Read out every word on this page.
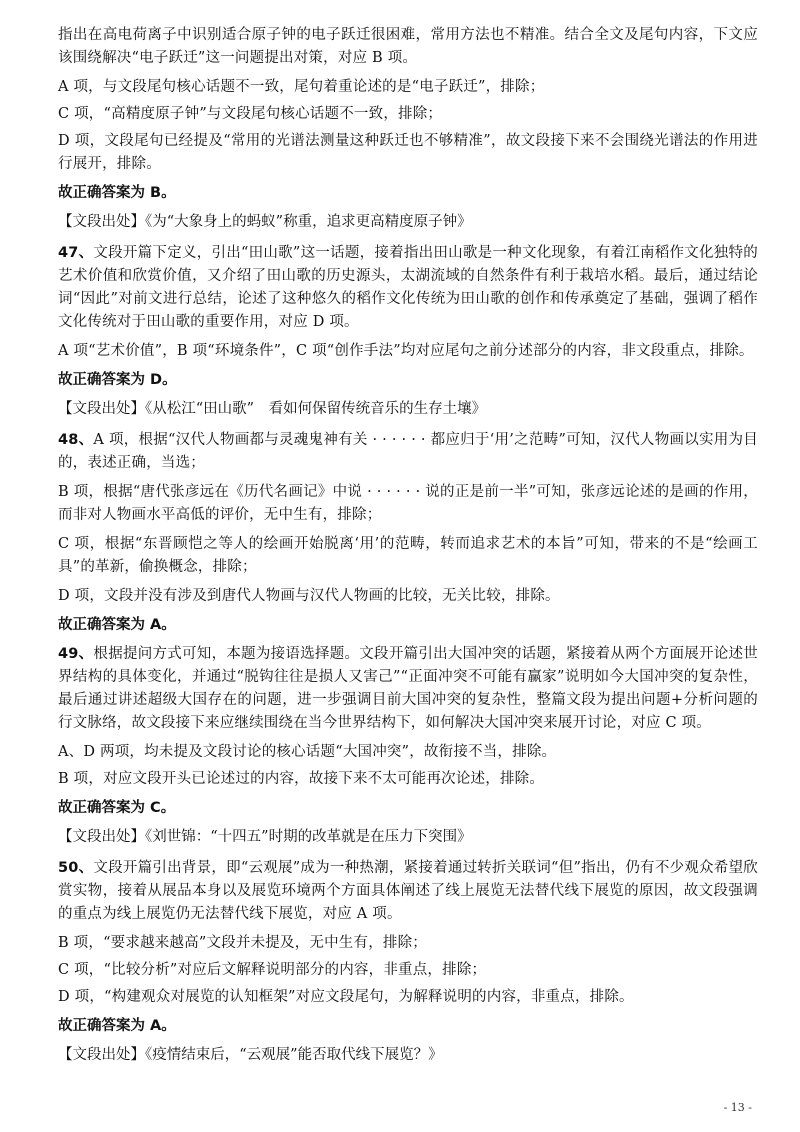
指出在高电荷离子中识别适合原子钟的电子跃迁很困难，常用方法也不精准。结合全文及尾句内容，下文应该围绕解决“电子跃迁”这一问题提出对策，对应 B 项。

A 项，与文段尾句核心话题不一致，尾句着重论述的是“电子跃迁”，排除；

C 项，“高精度原子钟”与文段尾句核心话题不一致，排除；

D 项，文段尾句已经提及“常用的光谱法测量这种跃迁也不够精准”，故文段接下来不会围绕光谱法的作用进行展开，排除。

故正确答案为 B。

【文段出处】《为“大象身上的蚂蚁”称重，追求更高精度原子钟》

47、文段开篇下定义，引出“田山歌”这一话题，接着指出田山歌是一种文化现象，有着江南稻作文化独特的艺术价值和欣赏价值，又介绍了田山歌的历史源头，太湖流域的自然条件有利于栽培水稻。最后，通过结论词“因此”对前文进行总结，论述了这种悠久的稻作文化传统为田山歌的创作和传承奠定了基础，强调了稻作文化传统对于田山歌的重要作用，对应 D 项。

A 项“艺术价值”，B 项“环境条件”，C 项“创作手法”均对应尾句之前分述部分的内容，非文段重点，排除。

故正确答案为 D。

【文段出处】《从松江“田山歌”　看如何保留传统音乐的生存土壤》

48、A 项，根据“汉代人物画都与灵魂鬼神有关 · · · · · · 都应归于‘用’之范畴”可知，汉代人物画以实用为目的，表述正确，当选；

B 项，根据“唐代张彦远在《历代名画记》中说 · · · · · · 说的正是前一半”可知，张彦远论述的是画的作用，而非对人物画水平高低的评价，无中生有，排除；

C 项，根据“东晋顾恺之等人的绘画开始脱离‘用’的范畴，转而追求艺术的本旨”可知，带来的不是“绘画工具”的革新，偷换概念，排除；

D 项，文段并没有涉及到唐代人物画与汉代人物画的比较，无关比较，排除。

故正确答案为 A。

49、根据提问方式可知，本题为接语选择题。文段开篇引出大国冲突的话题，紧接着从两个方面展开论述世界结构的具体变化，并通过“脱钩往往是损人又害己”“正面冲突不可能有赢家”说明如今大国冲突的复杂性，最后通过讲述超级大国存在的问题，进一步强调目前大国冲突的复杂性，整篇文段为提出问题+分析问题的行文脉络，故文段接下来应继续围绕在当今世界结构下，如何解决大国冲突来展开讨论，对应 C 项。

A、D 两项，均未提及文段讨论的核心话题“大国冲突”，故衔接不当，排除。

B 项，对应文段开头已论述过的内容，故接下来不太可能再次论述，排除。

故正确答案为 C。

【文段出处】《刘世锦：“十四五”时期的改革就是在压力下突围》

50、文段开篇引出背景，即“云观展”成为一种热潮，紧接着通过转折关联词“但”指出，仍有不少观众希望欣赏实物，接着从展品本身以及展览环境两个方面具体阐述了线上展览无法替代线下展览的原因，故文段强调的重点为线上展览仍无法替代线下展览，对应 A 项。

B 项，“要求越来越高”文段并未提及，无中生有，排除；

C 项，“比较分析”对应后文解释说明部分的内容，非重点，排除；

D 项，“构建观众对展览的认知框架”对应文段尾句，为解释说明的内容，非重点，排除。

故正确答案为 A。

【文段出处】《疫情结束后，“云观展”能否取代线下展览？》

- 13 -
